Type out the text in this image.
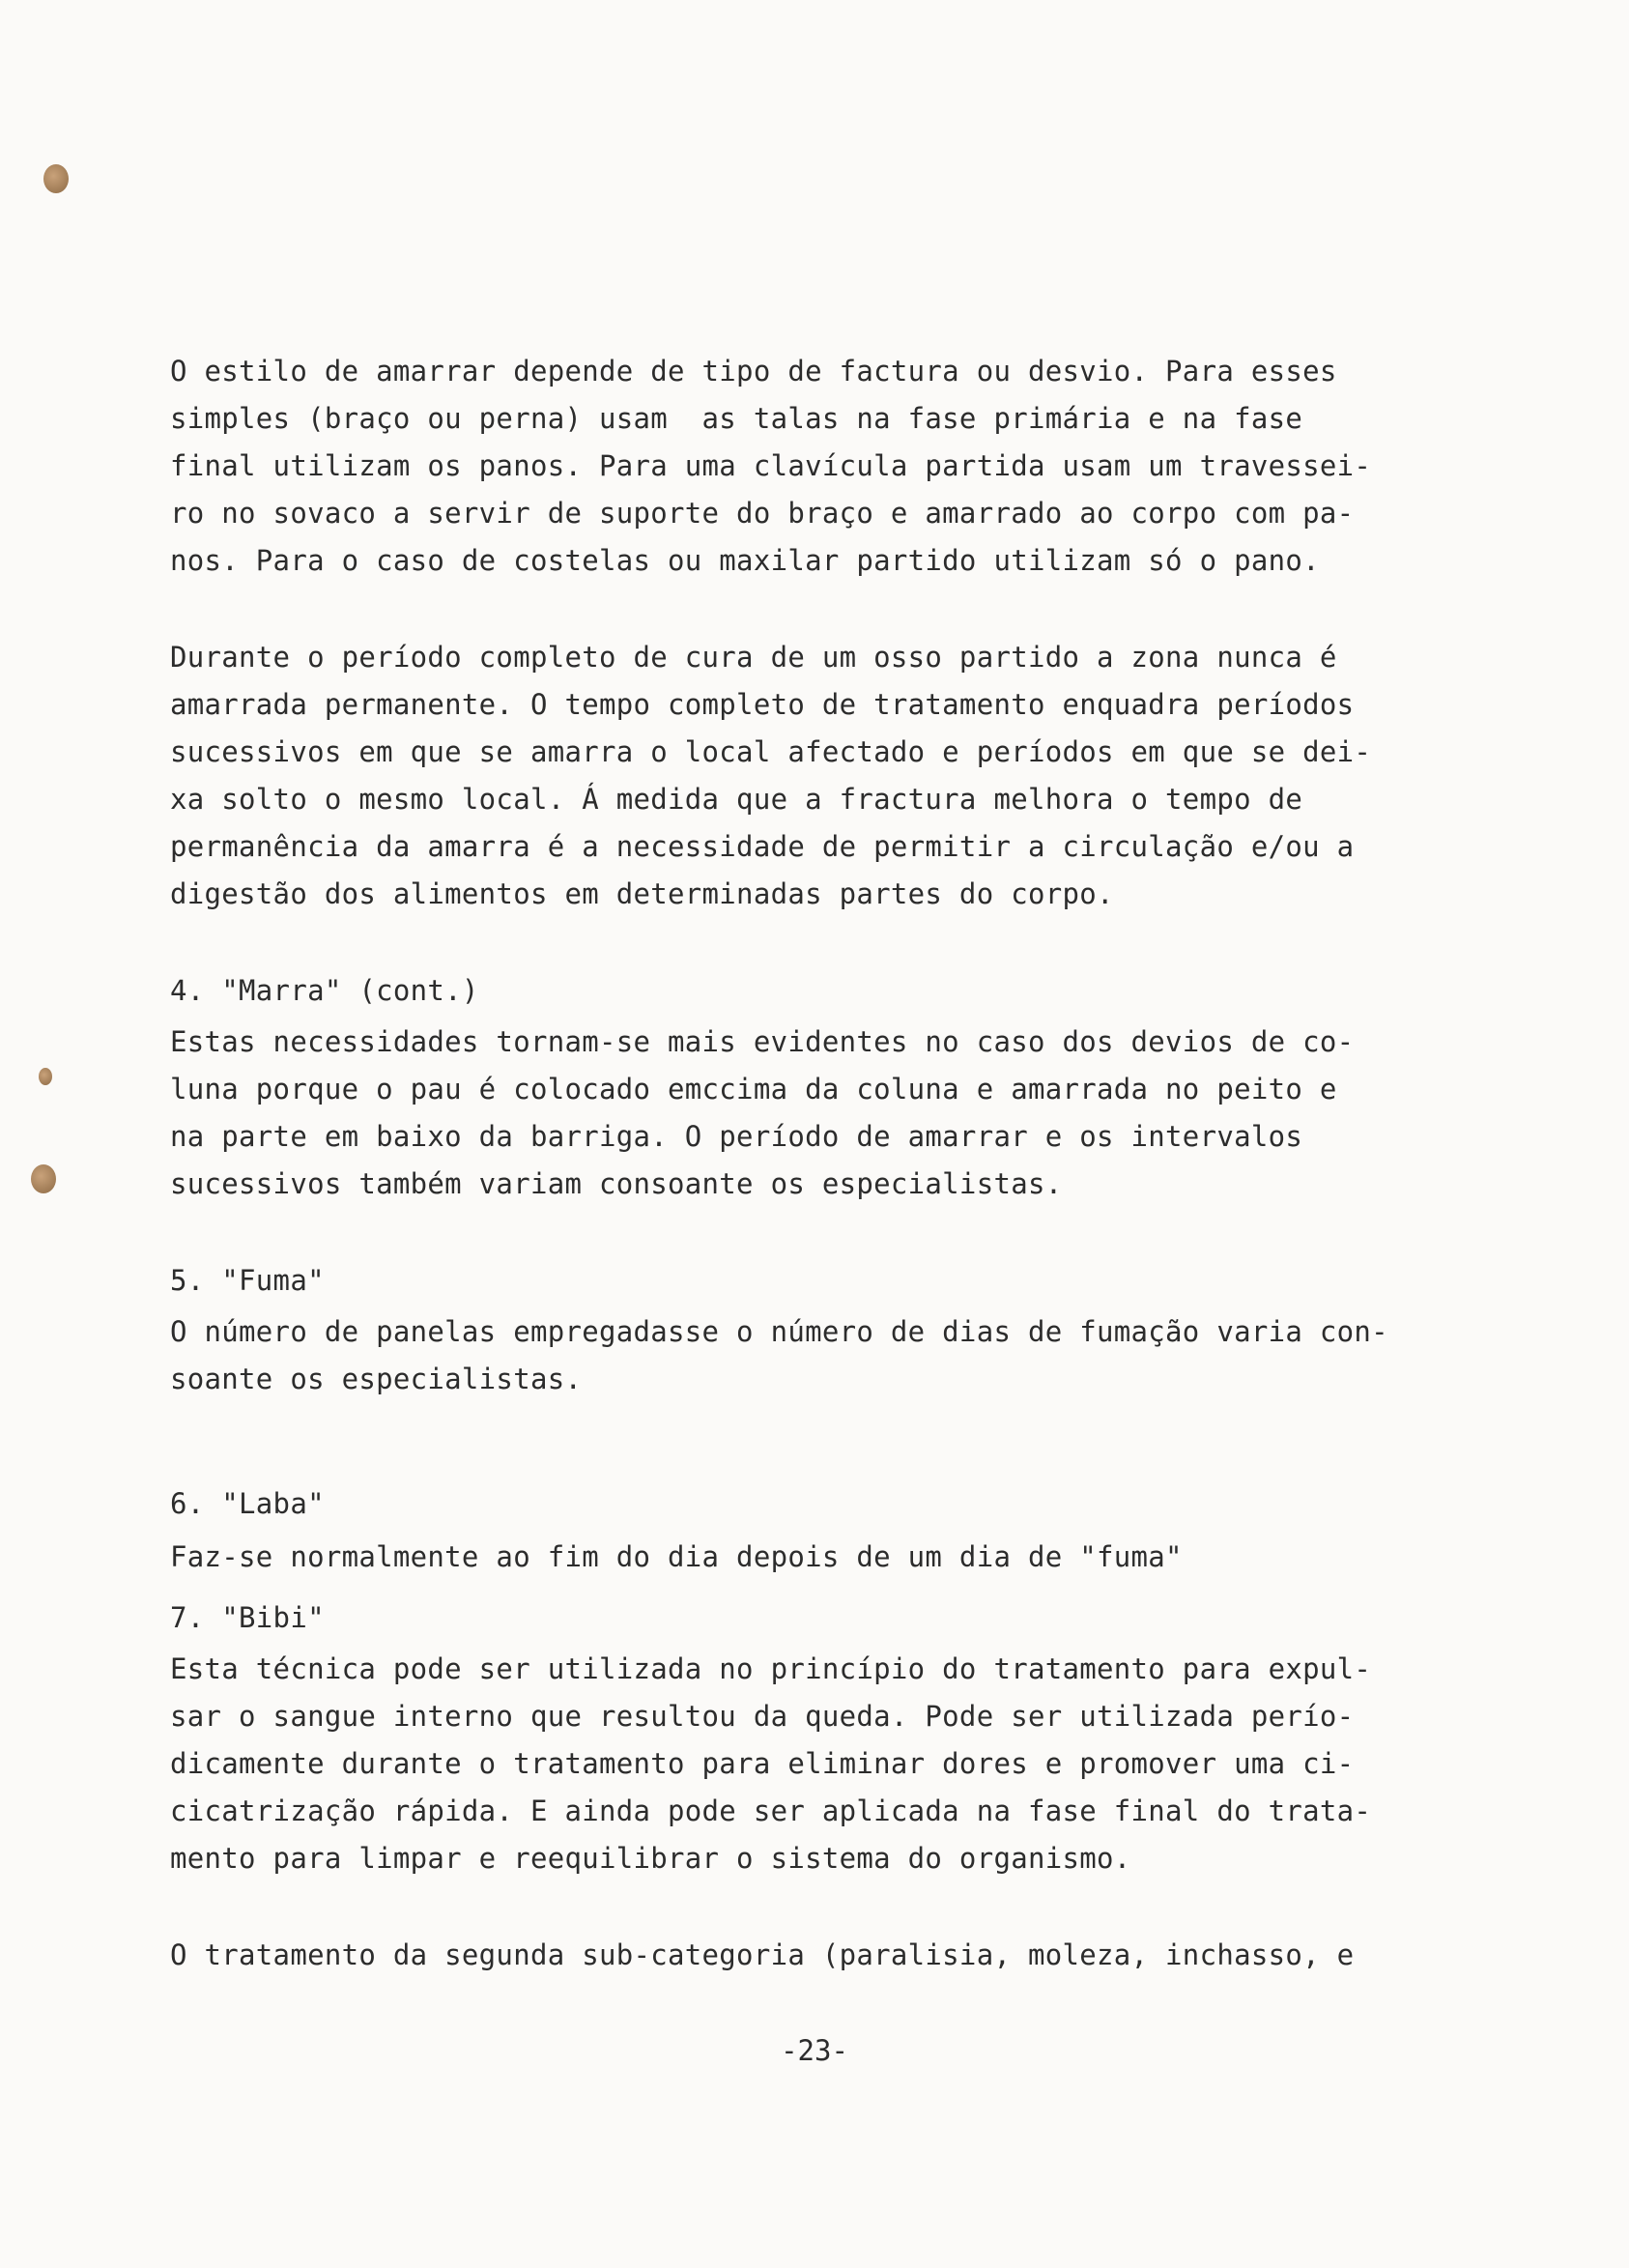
O estilo de amarrar depende de tipo de factura ou desvio. Para esses
simples (braço ou perna) usam  as talas na fase primária e na fase
final utilizam os panos. Para uma clavícula partida usam um travessei-
ro no sovaco a servir de suporte do braço e amarrado ao corpo com pa-
nos. Para o caso de costelas ou maxilar partido utilizam só o pano.
Durante o período completo de cura de um osso partido a zona nunca é
amarrada permanente. O tempo completo de tratamento enquadra períodos
sucessivos em que se amarra o local afectado e períodos em que se dei-
xa solto o mesmo local. Á medida que a fractura melhora o tempo de
permanência da amarra é a necessidade de permitir a circulação e/ou a
digestão dos alimentos em determinadas partes do corpo.
4. "Marra" (cont.)
Estas necessidades tornam-se mais evidentes no caso dos devios de co-
luna porque o pau é colocado emccima da coluna e amarrada no peito e
na parte em baixo da barriga. O período de amarrar e os intervalos
sucessivos também variam consoante os especialistas.
5. "Fuma"
O número de panelas empregadasse o número de dias de fumação varia con-
soante os especialistas.
6. "Laba"
Faz-se normalmente ao fim do dia depois de um dia de "fuma"
7. "Bibi"
Esta técnica pode ser utilizada no princípio do tratamento para expul-
sar o sangue interno que resultou da queda. Pode ser utilizada perío-
dicamente durante o tratamento para eliminar dores e promover uma ci-
cicatrização rápida. E ainda pode ser aplicada na fase final do trata-
mento para limpar e reequilibrar o sistema do organismo.
O tratamento da segunda sub-categoria (paralisia, moleza, inchasso, e
-23-
